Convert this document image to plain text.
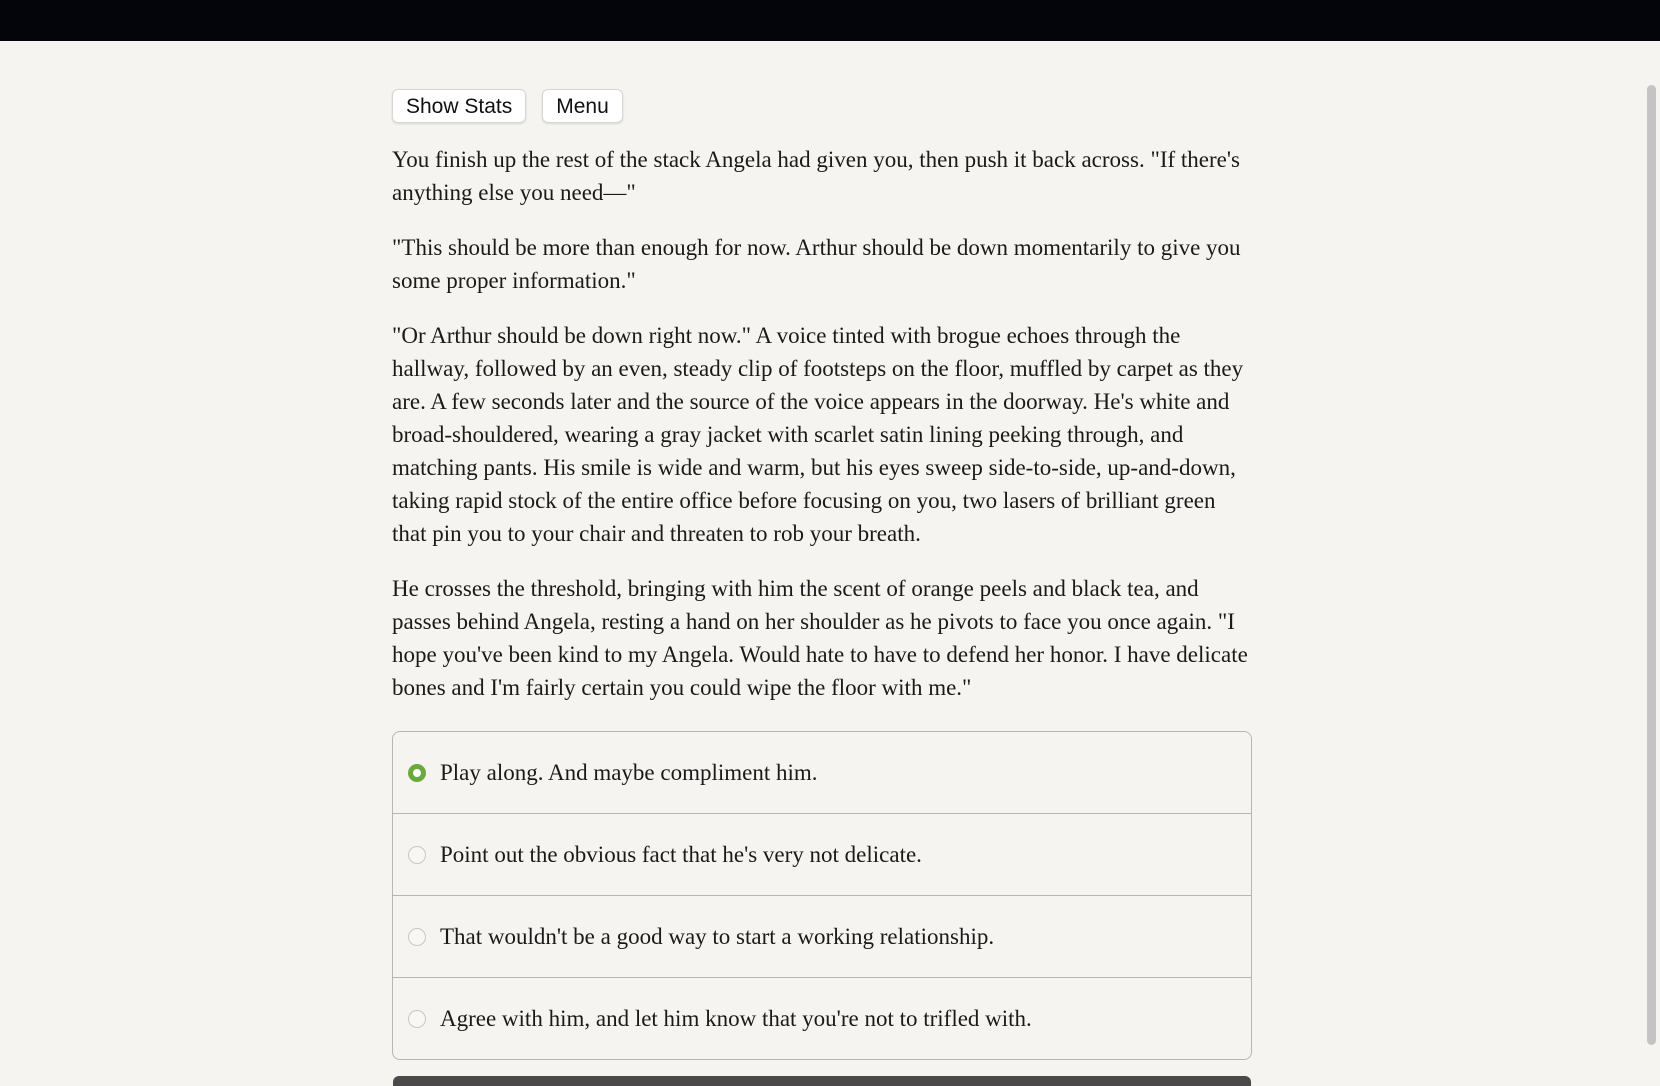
Show Stats	Menu

You finish up the rest of the stack Angela had given you, then push it back across. "If there's anything else you need—"

"This should be more than enough for now. Arthur should be down momentarily to give you some proper information."

"Or Arthur should be down right now." A voice tinted with brogue echoes through the hallway, followed by an even, steady clip of footsteps on the floor, muffled by carpet as they are. A few seconds later and the source of the voice appears in the doorway. He's white and broad-shouldered, wearing a gray jacket with scarlet satin lining peeking through, and matching pants. His smile is wide and warm, but his eyes sweep side-to-side, up-and-down, taking rapid stock of the entire office before focusing on you, two lasers of brilliant green that pin you to your chair and threaten to rob your breath.

He crosses the threshold, bringing with him the scent of orange peels and black tea, and passes behind Angela, resting a hand on her shoulder as he pivots to face you once again. "I hope you've been kind to my Angela. Would hate to have to defend her honor. I have delicate bones and I'm fairly certain you could wipe the floor with me."

Play along. And maybe compliment him.
Point out the obvious fact that he's very not delicate.
That wouldn't be a good way to start a working relationship.
Agree with him, and let him know that you're not to trifled with.
